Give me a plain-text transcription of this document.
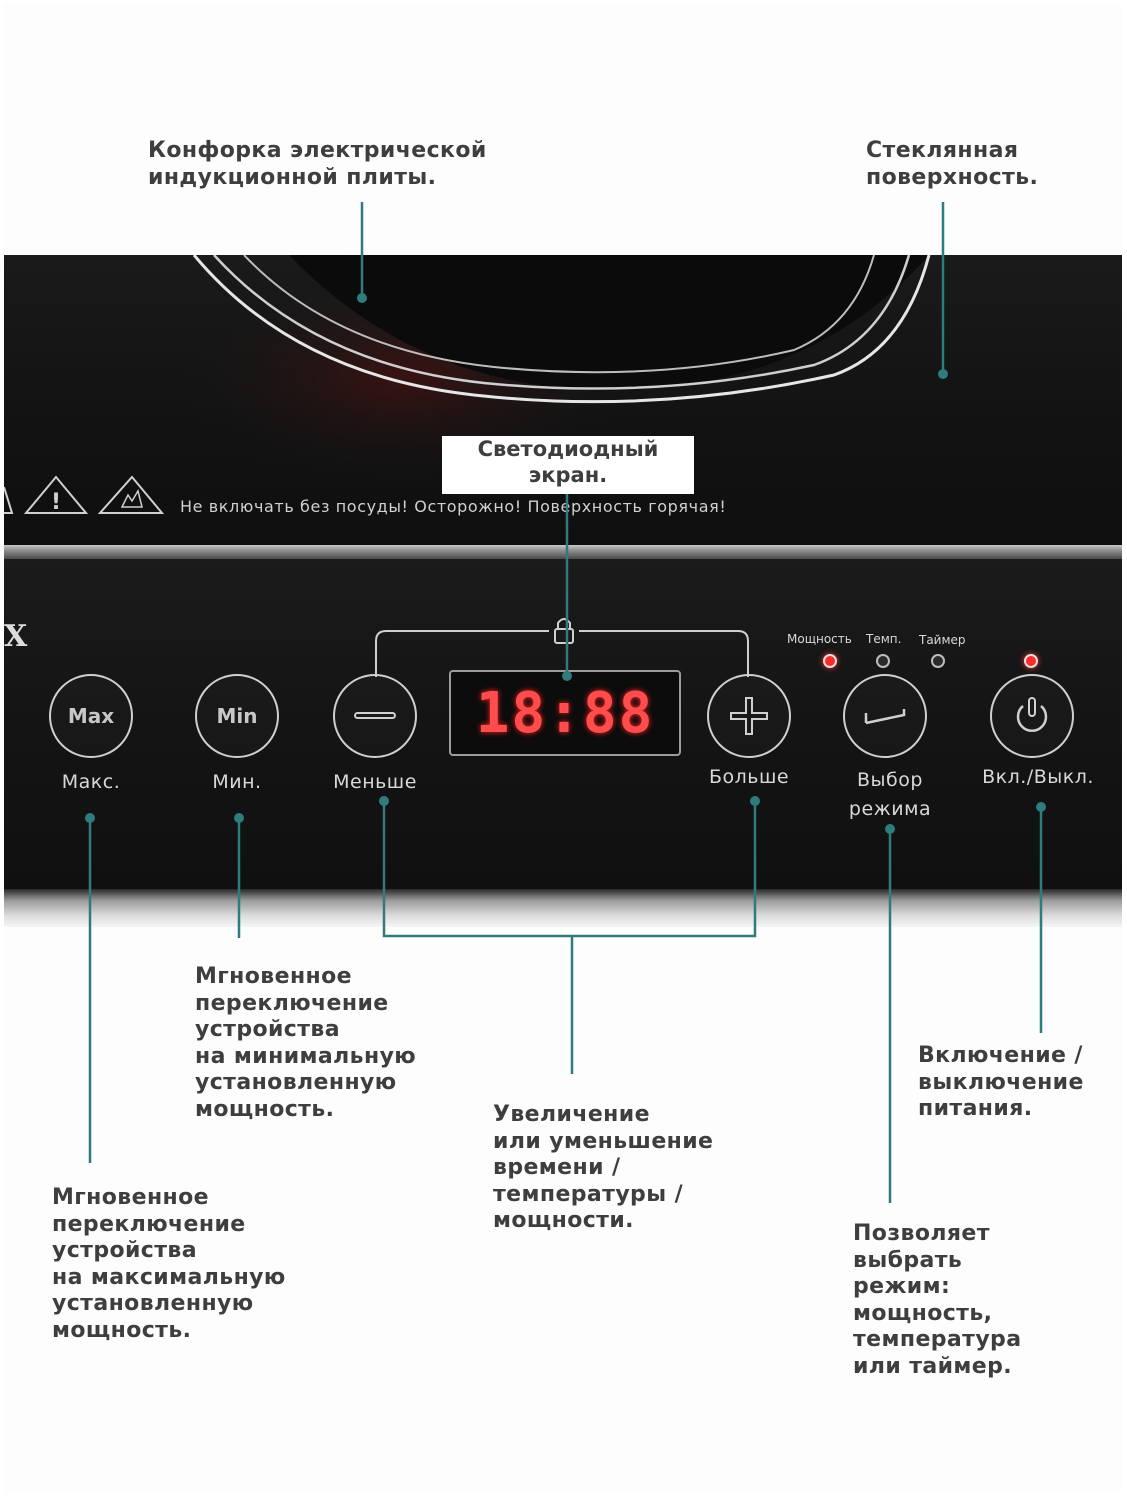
Конфорка электрической
индукционной плиты.
Стеклянная
поверхность.
!	Не включать без посуды! Осторожно! Поверхность горячая!
X
Max
Макс.
Min
Мин.	Меньше
18:88
Больше
Мощность Темп. Таймер
Выбор
режима
Вкл./Выкл.
Светодиодный
экран.
Мгновенное
переключение
устройства
на минимальную
установленную
мощность.
Мгновенное
переключение
устройства
на максимальную
установленную
мощность.
Увеличение
или уменьшение
времени /
температуры /
мощности.
Включение /
выключение
питания.
Позволяет
выбрать
режим:
мощность,
температура
или таймер.
